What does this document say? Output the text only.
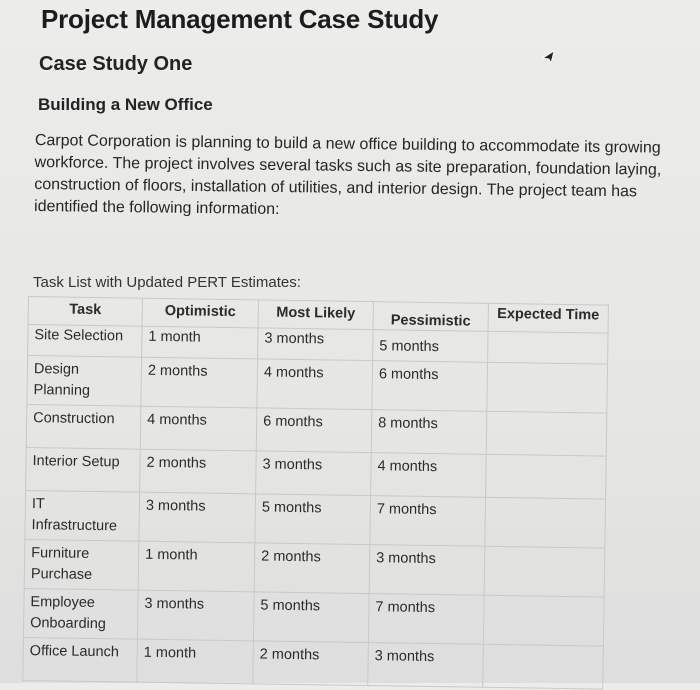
Project Management Case Study
Case Study One
Building a New Office
Carpot Corporation is planning to build a new office building to accommodate its growing workforce. The project involves several tasks such as site preparation, foundation laying, construction of floors, installation of utilities, and interior design. The project team has identified the following information:
Task List with Updated PERT Estimates:
Task	Optimistic	Most Likely	Pessimistic	Expected Time
Site Selection	1 month	3 months	5 months	
Design Planning	2 months	4 months	6 months	
Construction	4 months	6 months	8 months	
Interior Setup	2 months	3 months	4 months	
IT Infrastructure	3 months	5 months	7 months	
Furniture Purchase	1 month	2 months	3 months	
Employee Onboarding	3 months	5 months	7 months	
Office Launch	1 month	2 months	3 months	
